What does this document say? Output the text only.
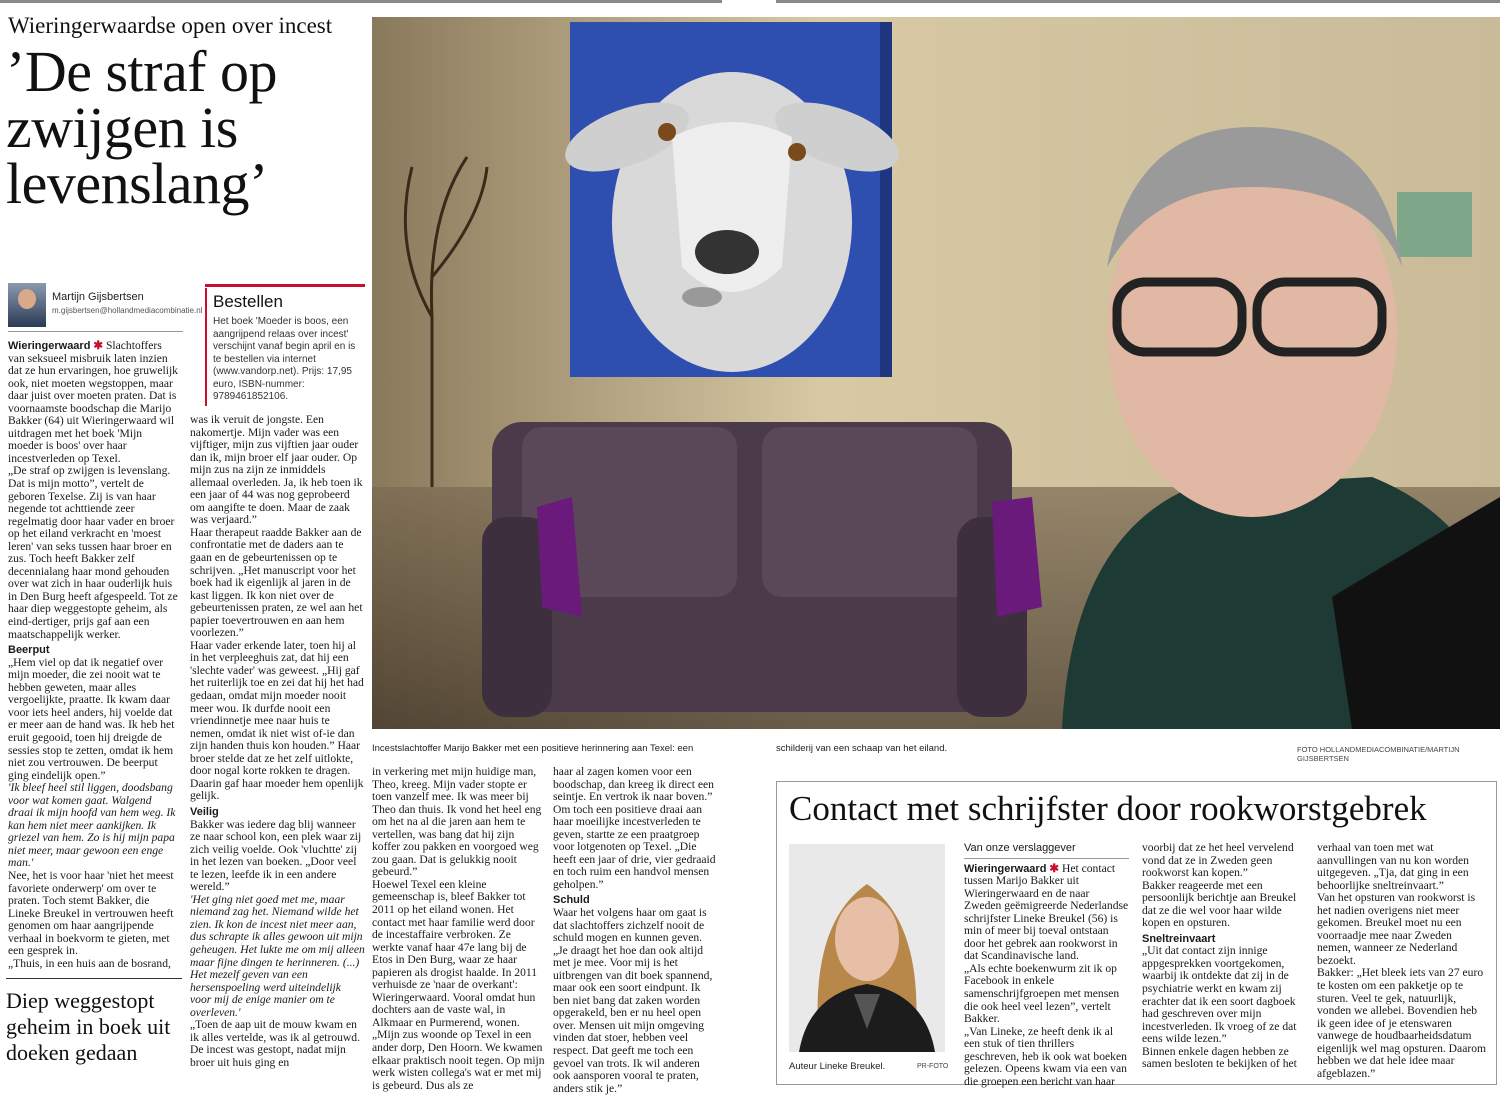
Wieringerwaardse open over incest
’De straf op
zwijgen is
levenslang’
Martijn Gijsbertsen
m.gijsbertsen@hollandmediacombinatie.nl Bestellen

Het boek 'Moeder is boos, een aangrijpend relaas over incest' verschijnt vanaf begin april en is te bestellen via internet (www.vandorp.net). Prijs: 17,95 euro, ISBN-nummer: 9789461852106.

Wieringerwaard ✱ Slachtoffers van seksueel misbruik laten inzien dat ze hun ervaringen, hoe gruwelijk ook, niet moeten wegstoppen, maar daar juist over moeten praten. Dat is voornaamste boodschap die Marijo Bakker (64) uit Wieringerwaard wil uitdragen met het boek 'Mijn moeder is boos' over haar incestverleden op Texel.

„De straf op zwijgen is levenslang. Dat is mijn motto”, vertelt de geboren Texelse. Zij is van haar negende tot achttiende zeer regelmatig door haar vader en broer op het eiland verkracht en 'moest leren' van seks tussen haar broer en zus. Toch heeft Bakker zelf decennialang haar mond gehouden over wat zich in haar ouderlijk huis in Den Burg heeft afgespeeld. Tot ze haar diep weggestopte geheim, als eind-dertiger, prijs gaf aan een maatschappelijk werker.

Beerput

„Hem viel op dat ik negatief over mijn moeder, die zei nooit wat te hebben geweten, maar alles vergoelijkte, praatte. Ik kwam daar voor iets heel anders, hij voelde dat er meer aan de hand was. Ik heb het eruit gegooid, toen hij dreigde de sessies stop te zetten, omdat ik hem niet zou vertrouwen. De beerput ging eindelijk open.”

'Ik bleef heel stil liggen, doodsbang voor wat komen gaat. Walgend draai ik mijn hoofd van hem weg. Ik kan hem niet meer aankijken. Ik griezel van hem. Zo is hij mijn papa niet meer, maar gewoon een enge man.'

Nee, het is voor haar 'niet het meest favoriete onderwerp' om over te praten. Toch stemt Bakker, die Lineke Breukel in vertrouwen heeft genomen om haar aangrijpende verhaal in boekvorm te gieten, met een gesprek in.

„Thuis, in een huis aan de bosrand,

Diep weggestopt geheim in boek uit doeken gedaan

was ik veruit de jongste. Een nakomertje. Mijn vader was een vijftiger, mijn zus vijftien jaar ouder dan ik, mijn broer elf jaar ouder. Op mijn zus na zijn ze inmiddels allemaal overleden. Ja, ik heb toen ik een jaar of 44 was nog geprobeerd om aangifte te doen. Maar de zaak was verjaard.”

Haar therapeut raadde Bakker aan de confrontatie met de daders aan te gaan en de gebeurtenissen op te schrijven. „Het manuscript voor het boek had ik eigenlijk al jaren in de kast liggen. Ik kon niet over de gebeurtenissen praten, ze wel aan het papier toevertrouwen en aan hem voorlezen.”

Haar vader erkende later, toen hij al in het verpleeghuis zat, dat hij een 'slechte vader' was geweest. „Hij gaf het ruiterlijk toe en zei dat hij het had gedaan, omdat mijn moeder nooit meer wou. Ik durfde nooit een vriendinnetje mee naar huis te nemen, omdat ik niet wist of-ie dan zijn handen thuis kon houden.” Haar broer stelde dat ze het zelf uitlokte, door nogal korte rokken te dragen. Daarin gaf haar moeder hem openlijk gelijk.

Veilig

Bakker was iedere dag blij wanneer ze naar school kon, een plek waar zij zich veilig voelde. Ook 'vluchtte' zij in het lezen van boeken. „Door veel te lezen, leefde ik in een andere wereld.”

'Het ging niet goed met me, maar niemand zag het. Niemand wilde het zien. Ik kon de incest niet meer aan, dus schrapte ik alles gewoon uit mijn geheugen. Het lukte me om mij alleen maar fijne dingen te herinneren. (...) Het mezelf geven van een hersenspoeling werd uiteindelijk voor mij de enige manier om te overleven.'

„Toen de aap uit de mouw kwam en ik alles vertelde, was ik al getrouwd. De incest was gestopt, nadat mijn broer uit huis ging en

Incestslachtoffer Marijo Bakker met een positieve herinnering aan Texel: een	schilderij van een schaap van het eiland.	FOTO HOLLANDMEDIACOMBINATIE/MARTIJN GIJSBERTSEN

in verkering met mijn huidige man, Theo, kreeg. Mijn vader stopte er toen vanzelf mee. Ik was meer bij Theo dan thuis. Ik vond het heel eng om het na al die jaren aan hem te vertellen, was bang dat hij zijn koffer zou pakken en voorgoed weg zou gaan. Dat is gelukkig nooit gebeurd.”

Hoewel Texel een kleine gemeenschap is, bleef Bakker tot 2011 op het eiland wonen. Het contact met haar familie werd door de incestaffaire verbroken. Ze werkte vanaf haar 47e lang bij de Etos in Den Burg, waar ze haar papieren als drogist haalde. In 2011 verhuisde ze 'naar de overkant': Wieringerwaard. Vooral omdat hun dochters aan de vaste wal, in Alkmaar en Purmerend, wonen.

„Mijn zus woonde op Texel in een ander dorp, Den Hoorn. We kwamen elkaar praktisch nooit tegen. Op mijn werk wisten collega's wat er met mij is gebeurd. Dus als ze

haar al zagen komen voor een boodschap, dan kreeg ik direct een seintje. En vertrok ik naar boven.”

Om toch een positieve draai aan haar moeilijke incestverleden te geven, startte ze een praatgroep voor lotgenoten op Texel. „Die heeft een jaar of drie, vier gedraaid en toch ruim een handvol mensen geholpen.”

Schuld

Waar het volgens haar om gaat is dat slachtoffers zichzelf nooit de schuld mogen en kunnen geven. „Je draagt het hoe dan ook altijd met je mee. Voor mij is het uitbrengen van dit boek spannend, maar ook een soort eindpunt. Ik ben niet bang dat zaken worden opgerakeld, ben er nu heel open over. Mensen uit mijn omgeving vinden dat stoer, hebben veel respect. Dat geeft me toch een gevoel van trots. Ik wil anderen ook aansporen vooral te praten, anders stik je.”

Contact met schrijfster door rookworstgebrek
Auteur Lineke Breukel.	PR-FOTO
Van onze verslaggever

Wieringerwaard ✱ Het contact tussen Marijo Bakker uit Wieringerwaard en de naar Zweden geëmigreerde Nederlandse schrijfster Lineke Breukel (56) is min of meer bij toeval ontstaan door het gebrek aan rookworst in dat Scandinavische land.

„Als echte boekenwurm zit ik op Facebook in enkele samenschrijfgroepen met mensen die ook heel veel lezen”, vertelt Bakker.

„Van Lineke, ze heeft denk ik al een stuk of tien thrillers geschreven, heb ik ook wat boeken gelezen. Opeens kwam via een van die groepen een bericht van haar

voorbij dat ze het heel vervelend vond dat ze in Zweden geen rookworst kan kopen.”

Bakker reageerde met een persoonlijk berichtje aan Breukel dat ze die wel voor haar wilde kopen en opsturen.

Sneltreinvaart

„Uit dat contact zijn innige appgesprekken voortgekomen, waarbij ik ontdekte dat zij in de psychiatrie werkt en kwam zij erachter dat ik een soort dagboek had geschreven over mijn incestverleden. Ik vroeg of ze dat eens wilde lezen.”

Binnen enkele dagen hebben ze samen besloten te bekijken of het

verhaal van toen met wat aanvullingen van nu kon worden uitgegeven. „Tja, dat ging in een behoorlijke sneltreinvaart.”

Van het opsturen van rookworst is het nadien overigens niet meer gekomen. Breukel moet nu een voorraadje mee naar Zweden nemen, wanneer ze Nederland bezoekt.

Bakker: „Het bleek iets van 27 euro te kosten om een pakketje op te sturen. Veel te gek, natuurlijk, vonden we allebei. Bovendien heb ik geen idee of je etenswaren vanwege de houdbaarheidsdatum eigenlijk wel mag opsturen. Daarom hebben we dat hele idee maar afgeblazen.”
